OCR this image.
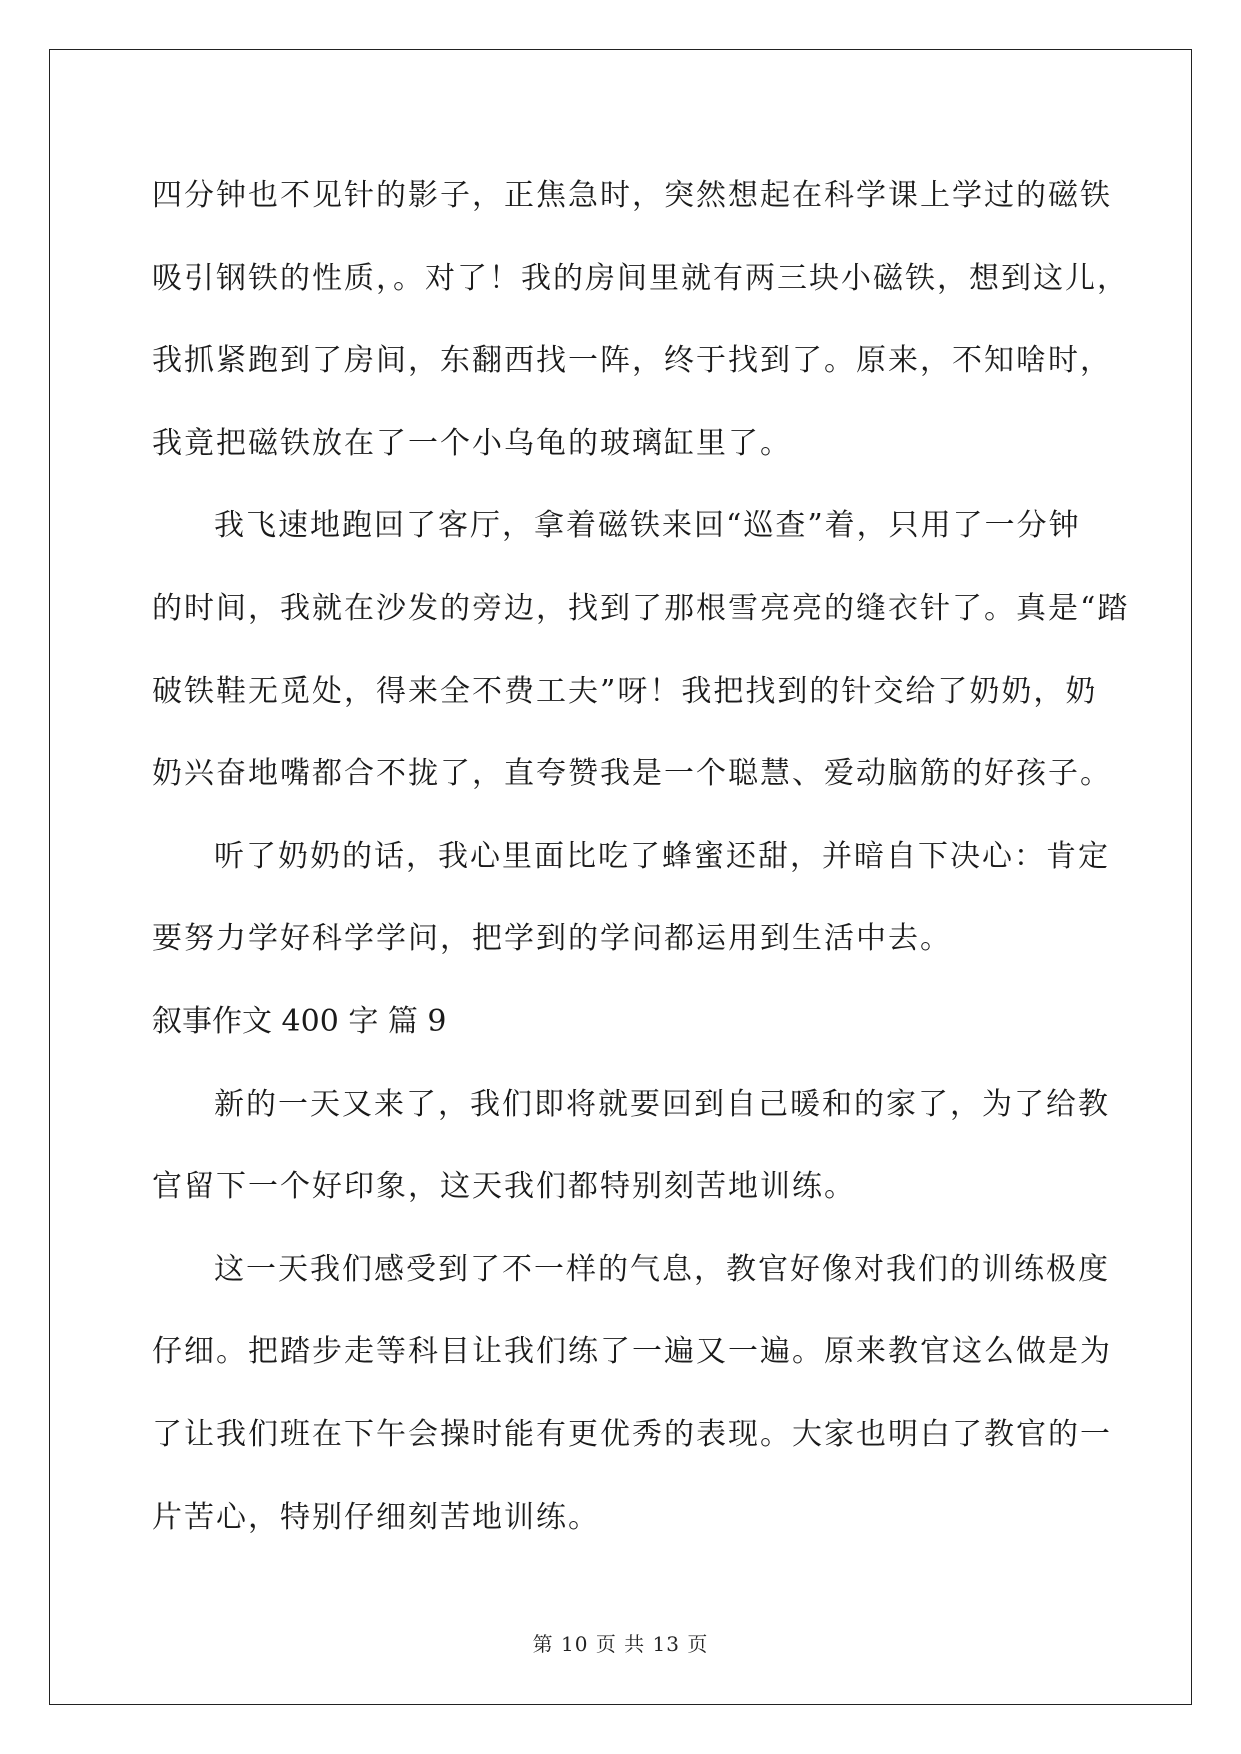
四分钟也不见针的影子，正焦急时，突然想起在科学课上学过的磁铁

吸引钢铁的性质，。对了！我的房间里就有两三块小磁铁，想到这儿，

我抓紧跑到了房间，东翻西找一阵，终于找到了。原来，不知啥时，

我竟把磁铁放在了一个小乌龟的玻璃缸里了。

我飞速地跑回了客厅，拿着磁铁来回“巡查”着，只用了一分钟

的时间，我就在沙发的旁边，找到了那根雪亮亮的缝衣针了。真是“踏

破铁鞋无觅处，得来全不费工夫”呀！我把找到的针交给了奶奶，奶

奶兴奋地嘴都合不拢了，直夸赞我是一个聪慧、爱动脑筋的好孩子。

听了奶奶的话，我心里面比吃了蜂蜜还甜，并暗自下决心：肯定

要努力学好科学学问，把学到的学问都运用到生活中去。

叙事作文 400 字 篇 9

新的一天又来了，我们即将就要回到自己暖和的家了，为了给教

官留下一个好印象，这天我们都特别刻苦地训练。

这一天我们感受到了不一样的气息，教官好像对我们的训练极度

仔细。把踏步走等科目让我们练了一遍又一遍。原来教官这么做是为

了让我们班在下午会操时能有更优秀的表现。大家也明白了教官的一

片苦心，特别仔细刻苦地训练。

第 10 页 共 13 页
